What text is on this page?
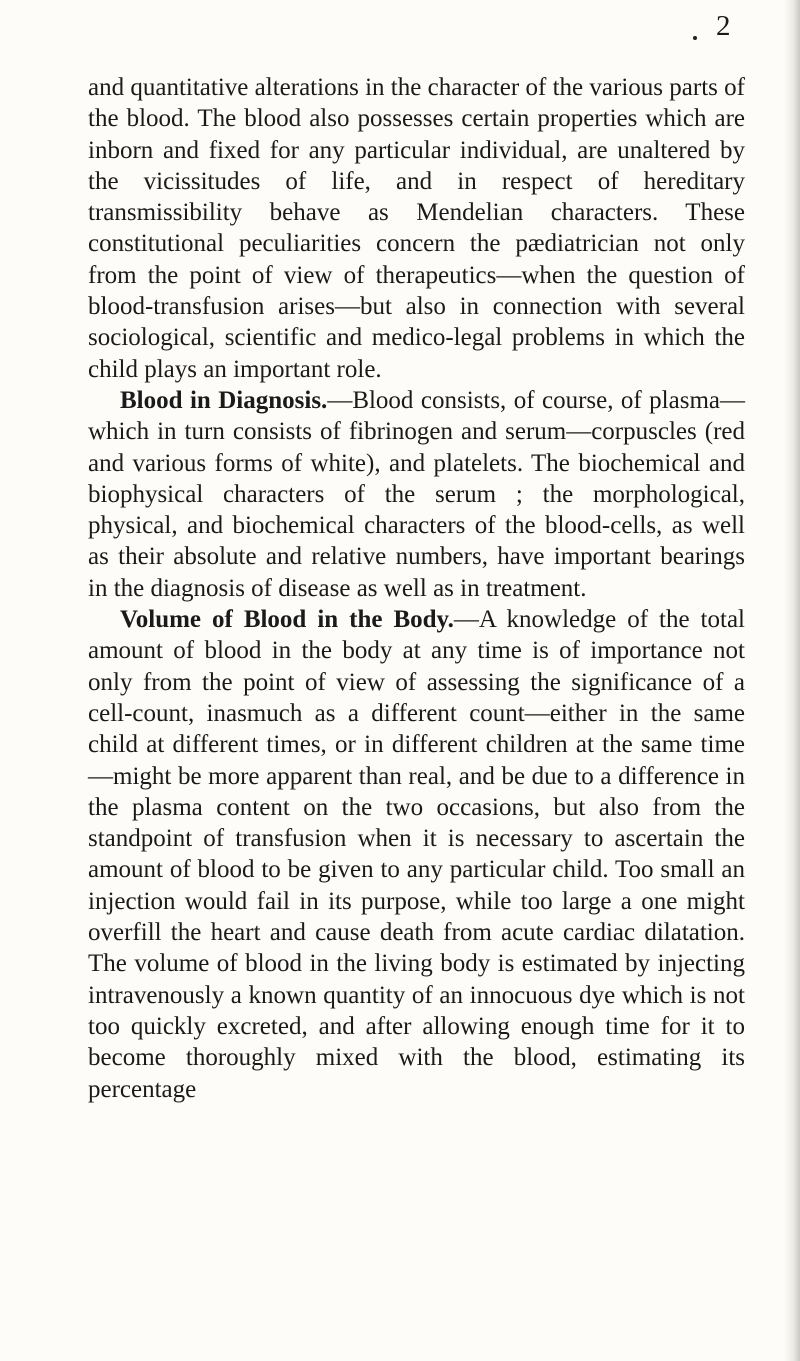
2

and quantitative alterations in the character of the various parts of the blood. The blood also possesses certain properties which are inborn and fixed for any particular individual, are unaltered by the vicissitudes of life, and in respect of hereditary transmissibility behave as Mendelian characters. These constitutional peculiarities concern the pædiatrician not only from the point of view of therapeutics—when the question of blood-transfusion arises—but also in connection with several sociological, scientific and medico-legal problems in which the child plays an important role.

Blood in Diagnosis.—Blood consists, of course, of plasma—which in turn consists of fibrinogen and serum—corpuscles (red and various forms of white), and platelets. The biochemical and biophysical characters of the serum ; the morphological, physical, and biochemical characters of the blood-cells, as well as their absolute and relative numbers, have important bearings in the diagnosis of disease as well as in treatment.

Volume of Blood in the Body.—A knowledge of the total amount of blood in the body at any time is of importance not only from the point of view of assessing the significance of a cell-count, inasmuch as a different count—either in the same child at different times, or in different children at the same time—might be more apparent than real, and be due to a difference in the plasma content on the two occasions, but also from the standpoint of transfusion when it is necessary to ascertain the amount of blood to be given to any particular child. Too small an injection would fail in its purpose, while too large a one might overfill the heart and cause death from acute cardiac dilatation. The volume of blood in the living body is estimated by injecting intravenously a known quantity of an innocuous dye which is not too quickly excreted, and after allowing enough time for it to become thoroughly mixed with the blood, estimating its percentage
